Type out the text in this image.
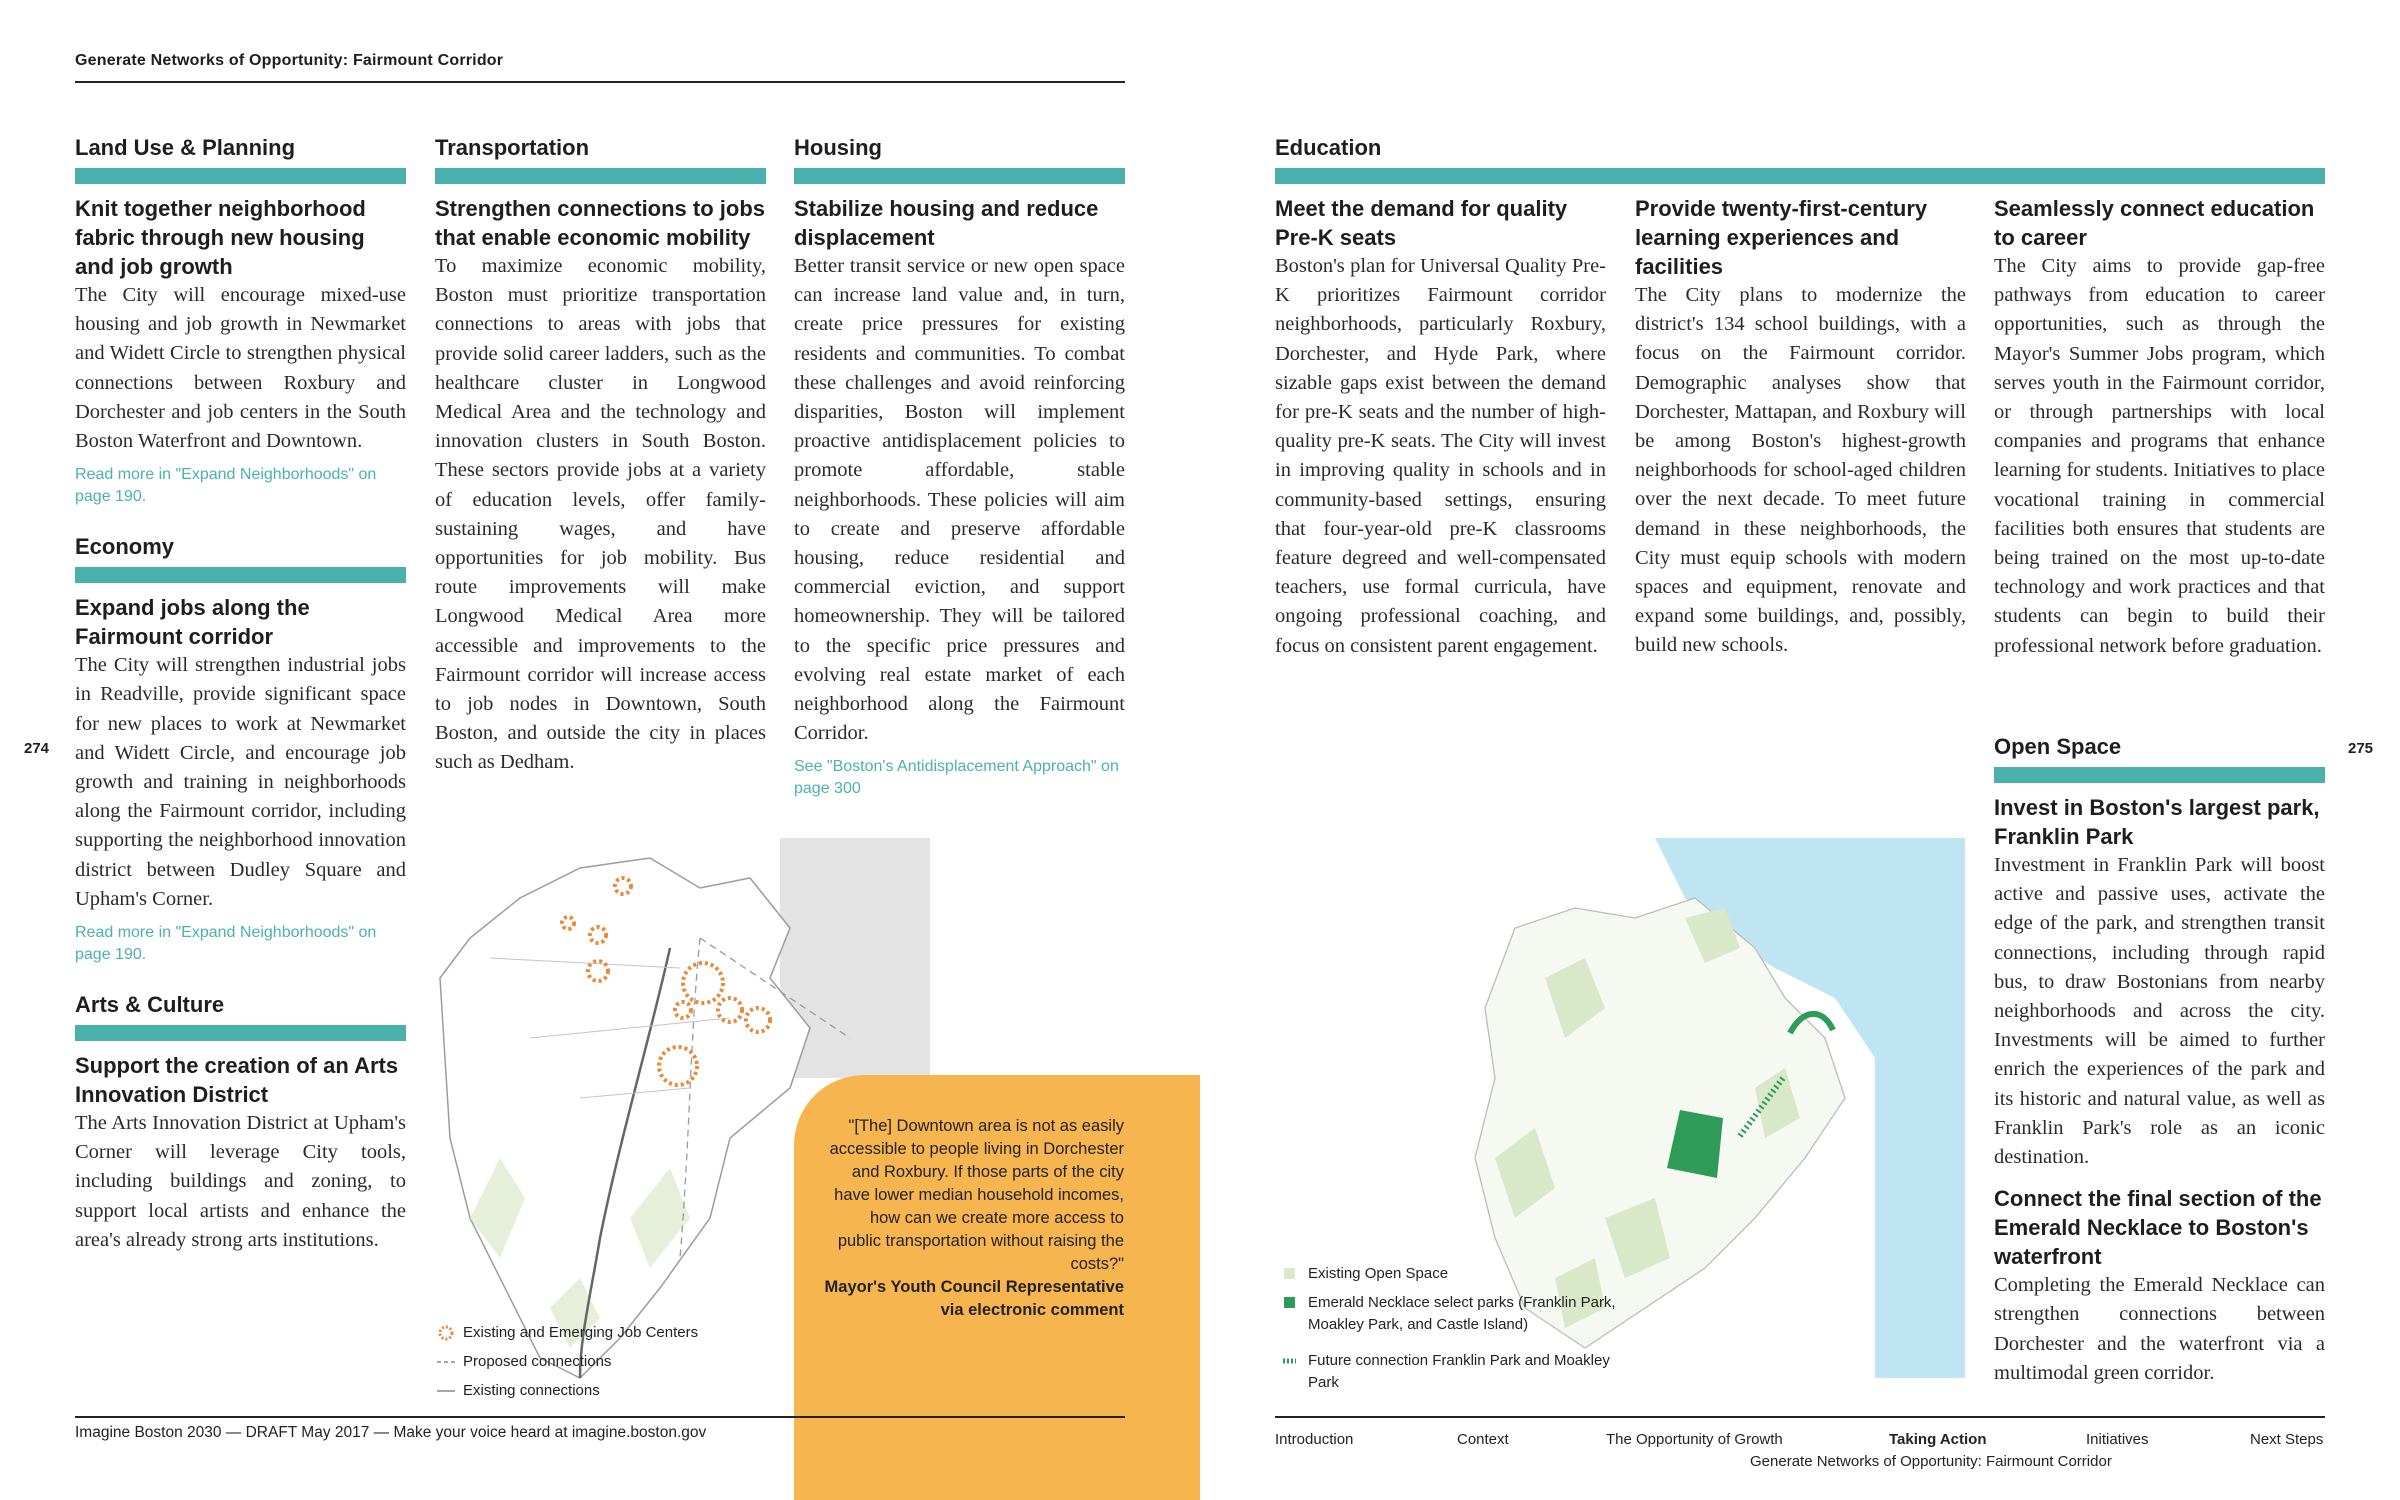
Generate Networks of Opportunity: Fairmount Corridor
274	275
Land Use & Planning
Knit together neighborhood fabric through new housing and job growth
The City will encourage mixed-use housing and job growth in Newmarket and Widett Circle to strengthen physical connections between Roxbury and Dorchester and job centers in the South Boston Waterfront and Downtown.
Read more in "Expand Neighborhoods" on page 190.
Economy
Expand jobs along the Fairmount corridor
The City will strengthen industrial jobs in Readville, provide significant space for new places to work at Newmarket and Widett Circle, and encourage job growth and training in neighborhoods along the Fairmount corridor, including supporting the neighborhood innovation district between Dudley Square and Upham's Corner.
Read more in "Expand Neighborhoods" on page 190.
Arts & Culture
Support the creation of an Arts Innovation District
The Arts Innovation District at Upham's Corner will leverage City tools, including buildings and zoning, to support local artists and enhance the area's already strong arts institutions.
Transportation
Strengthen connections to jobs that enable economic mobility
To maximize economic mobility, Boston must prioritize transportation connections to areas with jobs that provide solid career ladders, such as the healthcare cluster in Longwood Medical Area and the technology and innovation clusters in South Boston. These sectors provide jobs at a variety of education levels, offer family-sustaining wages, and have opportunities for job mobility. Bus route improvements will make Longwood Medical Area more accessible and improvements to the Fairmount corridor will increase access to job nodes in Downtown, South Boston, and outside the city in places such as Dedham.
Housing
Stabilize housing and reduce displacement
Better transit service or new open space can increase land value and, in turn, create price pressures for existing residents and communities. To combat these challenges and avoid reinforcing disparities, Boston will implement proactive antidisplacement policies to promote affordable, stable neighborhoods. These policies will aim to create and preserve affordable housing, reduce residential and commercial eviction, and support homeownership. They will be tailored to the specific price pressures and evolving real estate market of each neighborhood along the Fairmount Corridor.
See "Boston's Antidisplacement Approach" on page 300
Education
Meet the demand for quality Pre-K seats
Boston's plan for Universal Quality Pre-K prioritizes Fairmount corridor neighborhoods, particularly Roxbury, Dorchester, and Hyde Park, where sizable gaps exist between the demand for pre-K seats and the number of high-quality pre-K seats. The City will invest in improving quality in schools and in community-based settings, ensuring that four-year-old pre-K classrooms feature degreed and well-compensated teachers, use formal curricula, have ongoing professional coaching, and focus on consistent parent engagement.
Provide twenty-first-century learning experiences and facilities
The City plans to modernize the district's 134 school buildings, with a focus on the Fairmount corridor. Demographic analyses show that Dorchester, Mattapan, and Roxbury will be among Boston's highest-growth neighborhoods for school-aged children over the next decade. To meet future demand in these neighborhoods, the City must equip schools with modern spaces and equipment, renovate and expand some buildings, and, possibly, build new schools.
Seamlessly connect education to career
The City aims to provide gap-free pathways from education to career opportunities, such as through the Mayor's Summer Jobs program, which serves youth in the Fairmount corridor, or through partnerships with local companies and programs that enhance learning for students. Initiatives to place vocational training in commercial facilities both ensures that students are being trained on the most up-to-date technology and work practices and that students can begin to build their professional network before graduation.
Open Space
Invest in Boston's largest park, Franklin Park
Investment in Franklin Park will boost active and passive uses, activate the edge of the park, and strengthen transit connections, including through rapid bus, to draw Bostonians from nearby neighborhoods and across the city. Investments will be aimed to further enrich the experiences of the park and its historic and natural value, as well as Franklin Park's role as an iconic destination.
Connect the final section of the Emerald Necklace to Boston's waterfront
Completing the Emerald Necklace can strengthen connections between Dorchester and the waterfront via a multimodal green corridor.
"[The] Downtown area is not as easily accessible to people living in Dorchester and Roxbury. If those parts of the city have lower median household incomes, how can we create more access to public transportation without raising the costs?"
Mayor's Youth Council Representative via electronic comment
Existing and Emerging Job Centers
Proposed connections
Existing connections
Existing Open Space
Emerald Necklace select parks (Franklin Park, Moakley Park, and Castle Island)
Future connection Franklin Park and Moakley Park
Imagine Boston 2030 — DRAFT May 2017 — Make your voice heard at imagine.boston.gov	Introduction	Context	The Opportunity of Growth	Taking Action	Initiatives	Next Steps
Generate Networks of Opportunity: Fairmount Corridor
